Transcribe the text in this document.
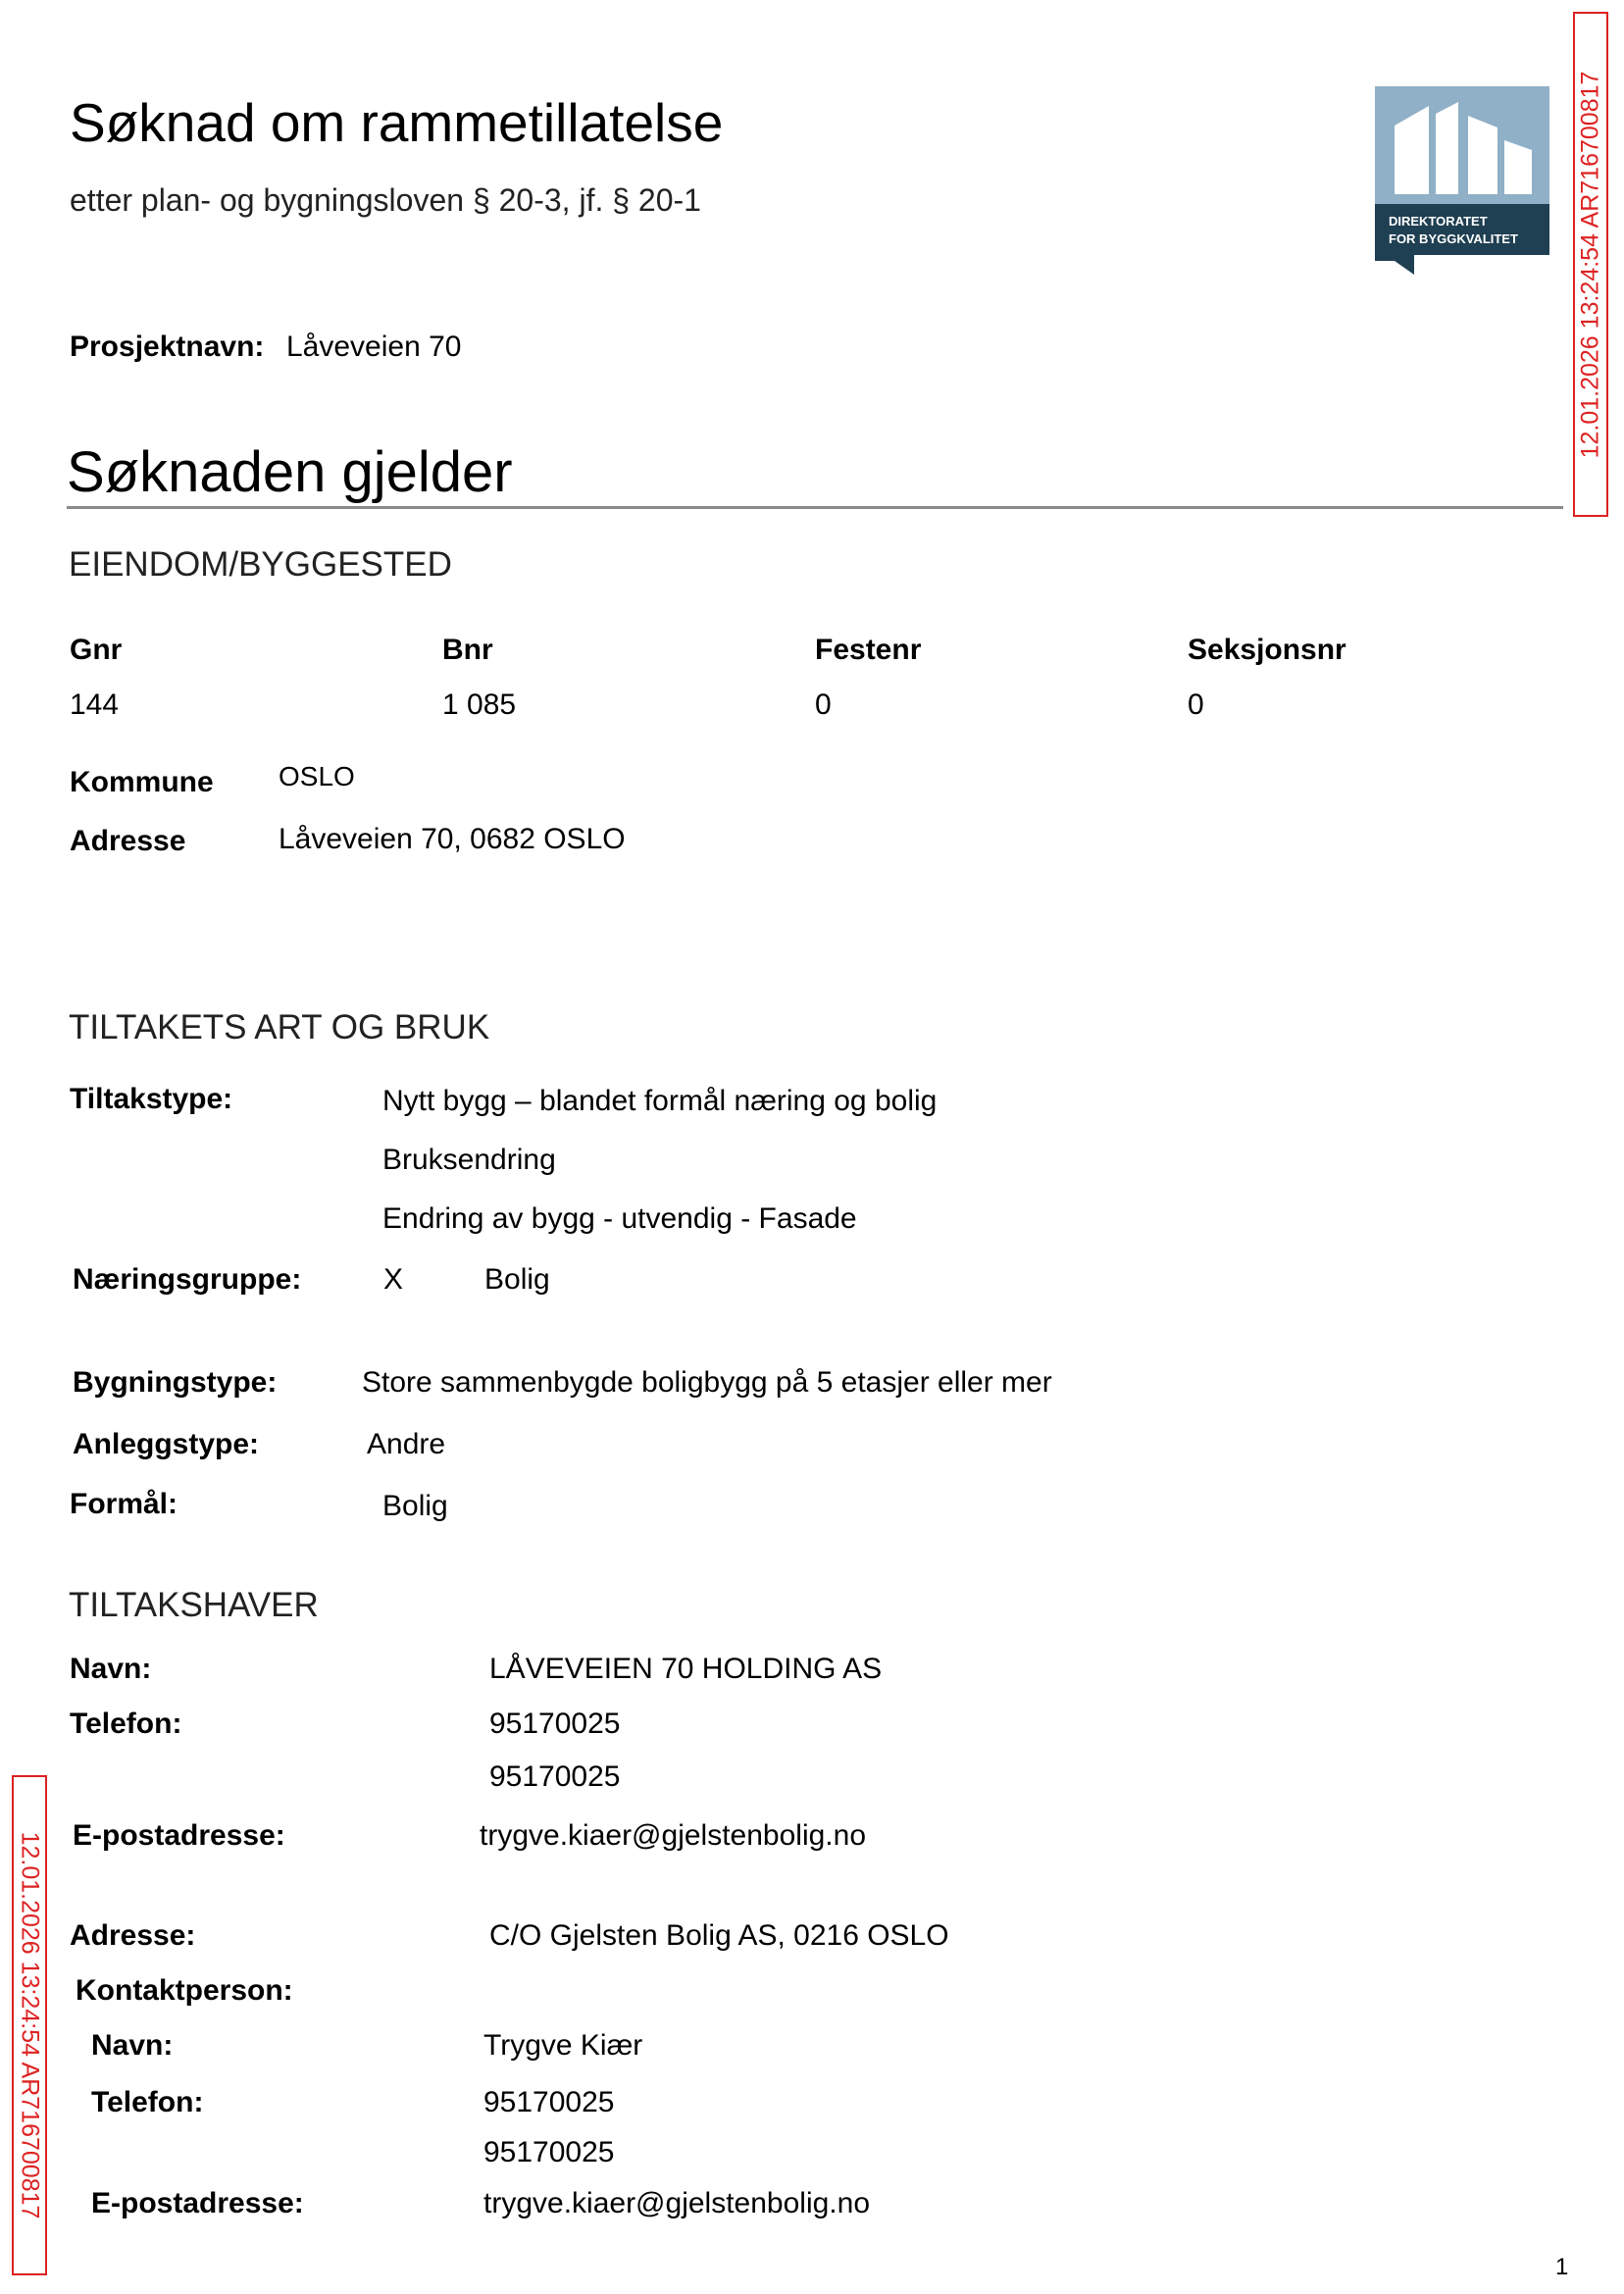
Søknad om rammetillatelse
etter plan- og bygningsloven § 20-3, jf. § 20-1
DIREKTORATET
FOR BYGGKVALITET 12.01.2026 13:24:54 AR716700817
Prosjektnavn: Låveveien 70
Søknaden gjelder
EIENDOM/BYGGESTED
Gnr	Bnr	Festenr	Seksjonsnr
144	1 085	0	0
Kommune OSLO
Adresse	Låveveien 70, 0682 OSLO
TILTAKETS ART OG BRUK
Tiltakstype:	Nytt bygg – blandet formål næring og bolig
Bruksendring
Endring av bygg - utvendig - Fasade
Næringsgruppe:	X	Bolig
Bygningstype:	Store sammenbygde boligbygg på 5 etasjer eller mer
Anleggstype:	Andre
Formål:	Bolig
TILTAKSHAVER
Navn:	LÅVEVEIEN 70 HOLDING AS
Telefon:	95170025
95170025
E-postadresse:	trygve.kiaer@gjelstenbolig.no
Adresse:	C/O Gjelsten Bolig AS, 0216 OSLO
Kontaktperson:
Navn:	Trygve Kiær
Telefon:	95170025
95170025
E-postadresse:	trygve.kiaer@gjelstenbolig.no
12.01.2026 13:24:54 AR716700817
1
